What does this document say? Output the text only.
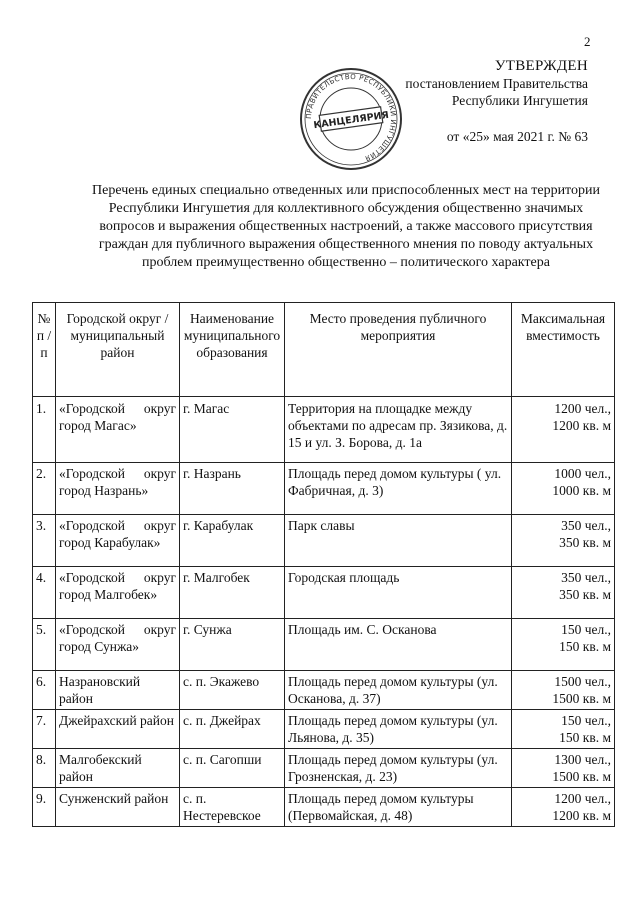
2
ПРАВИТЕЛЬСТВО РЕСПУБЛИКИ ИНГУШЕТИЯ
КАНЦЕЛЯРИЯ
УТВЕРЖДЕН
постановлением Правительства
Республики Ингушетия
от «25» мая 2021 г. № 63
Перечень единых специально отведенных или приспособленных мест на территории Республики Ингушетия для коллективного обсуждения общественно значимых вопросов и выражения общественных настроений, а также массового присутствия граждан для публичного выражения общественного мнения по поводу актуальных проблем преимущественно общественно – политического характера
№ п / п	Городской округ / муниципальный район	Наименование муниципального образования	Место проведения публичного мероприятия	Максимальная вместимость
1.	«Городской округ город Магас»	г. Магас	Территория на площадке между объектами по адресам пр. Зязикова, д. 15 и ул. З. Борова, д. 1а	1200 чел.,
1200 кв. м

2.	«Городской округ город Назрань»	г. Назрань	Площадь перед домом культуры ( ул. Фабричная, д. 3)	1000 чел.,
1000 кв. м

3.	«Городской округ город Карабулак»	г. Карабулак	Парк славы	350 чел.,
350 кв. м

4.	«Городской округ город Малгобек»	г. Малгобек	Городская площадь	350 чел.,
350 кв. м

5.	«Городской округ город Сунжа»	г. Сунжа	Площадь им. С. Осканова	150 чел.,
150 кв. м

6.	Назрановский район	с. п. Экажево	Площадь перед домом культуры (ул. Осканова, д. 37)	1500 чел.,
1500 кв. м

7.	Джейрахский район	с. п. Джейрах	Площадь перед домом культуры (ул. Льянова, д. 35)	150 чел.,
150 кв. м

8.	Малгобекский район	с. п. Сагопши	Площадь перед домом культуры (ул. Грозненская, д. 23)	1300 чел.,
1500 кв. м

9.	Сунженский район	с. п. Нестеревское	Площадь перед домом культуры (Первомайская, д. 48)	1200 чел.,
1200 кв. м
